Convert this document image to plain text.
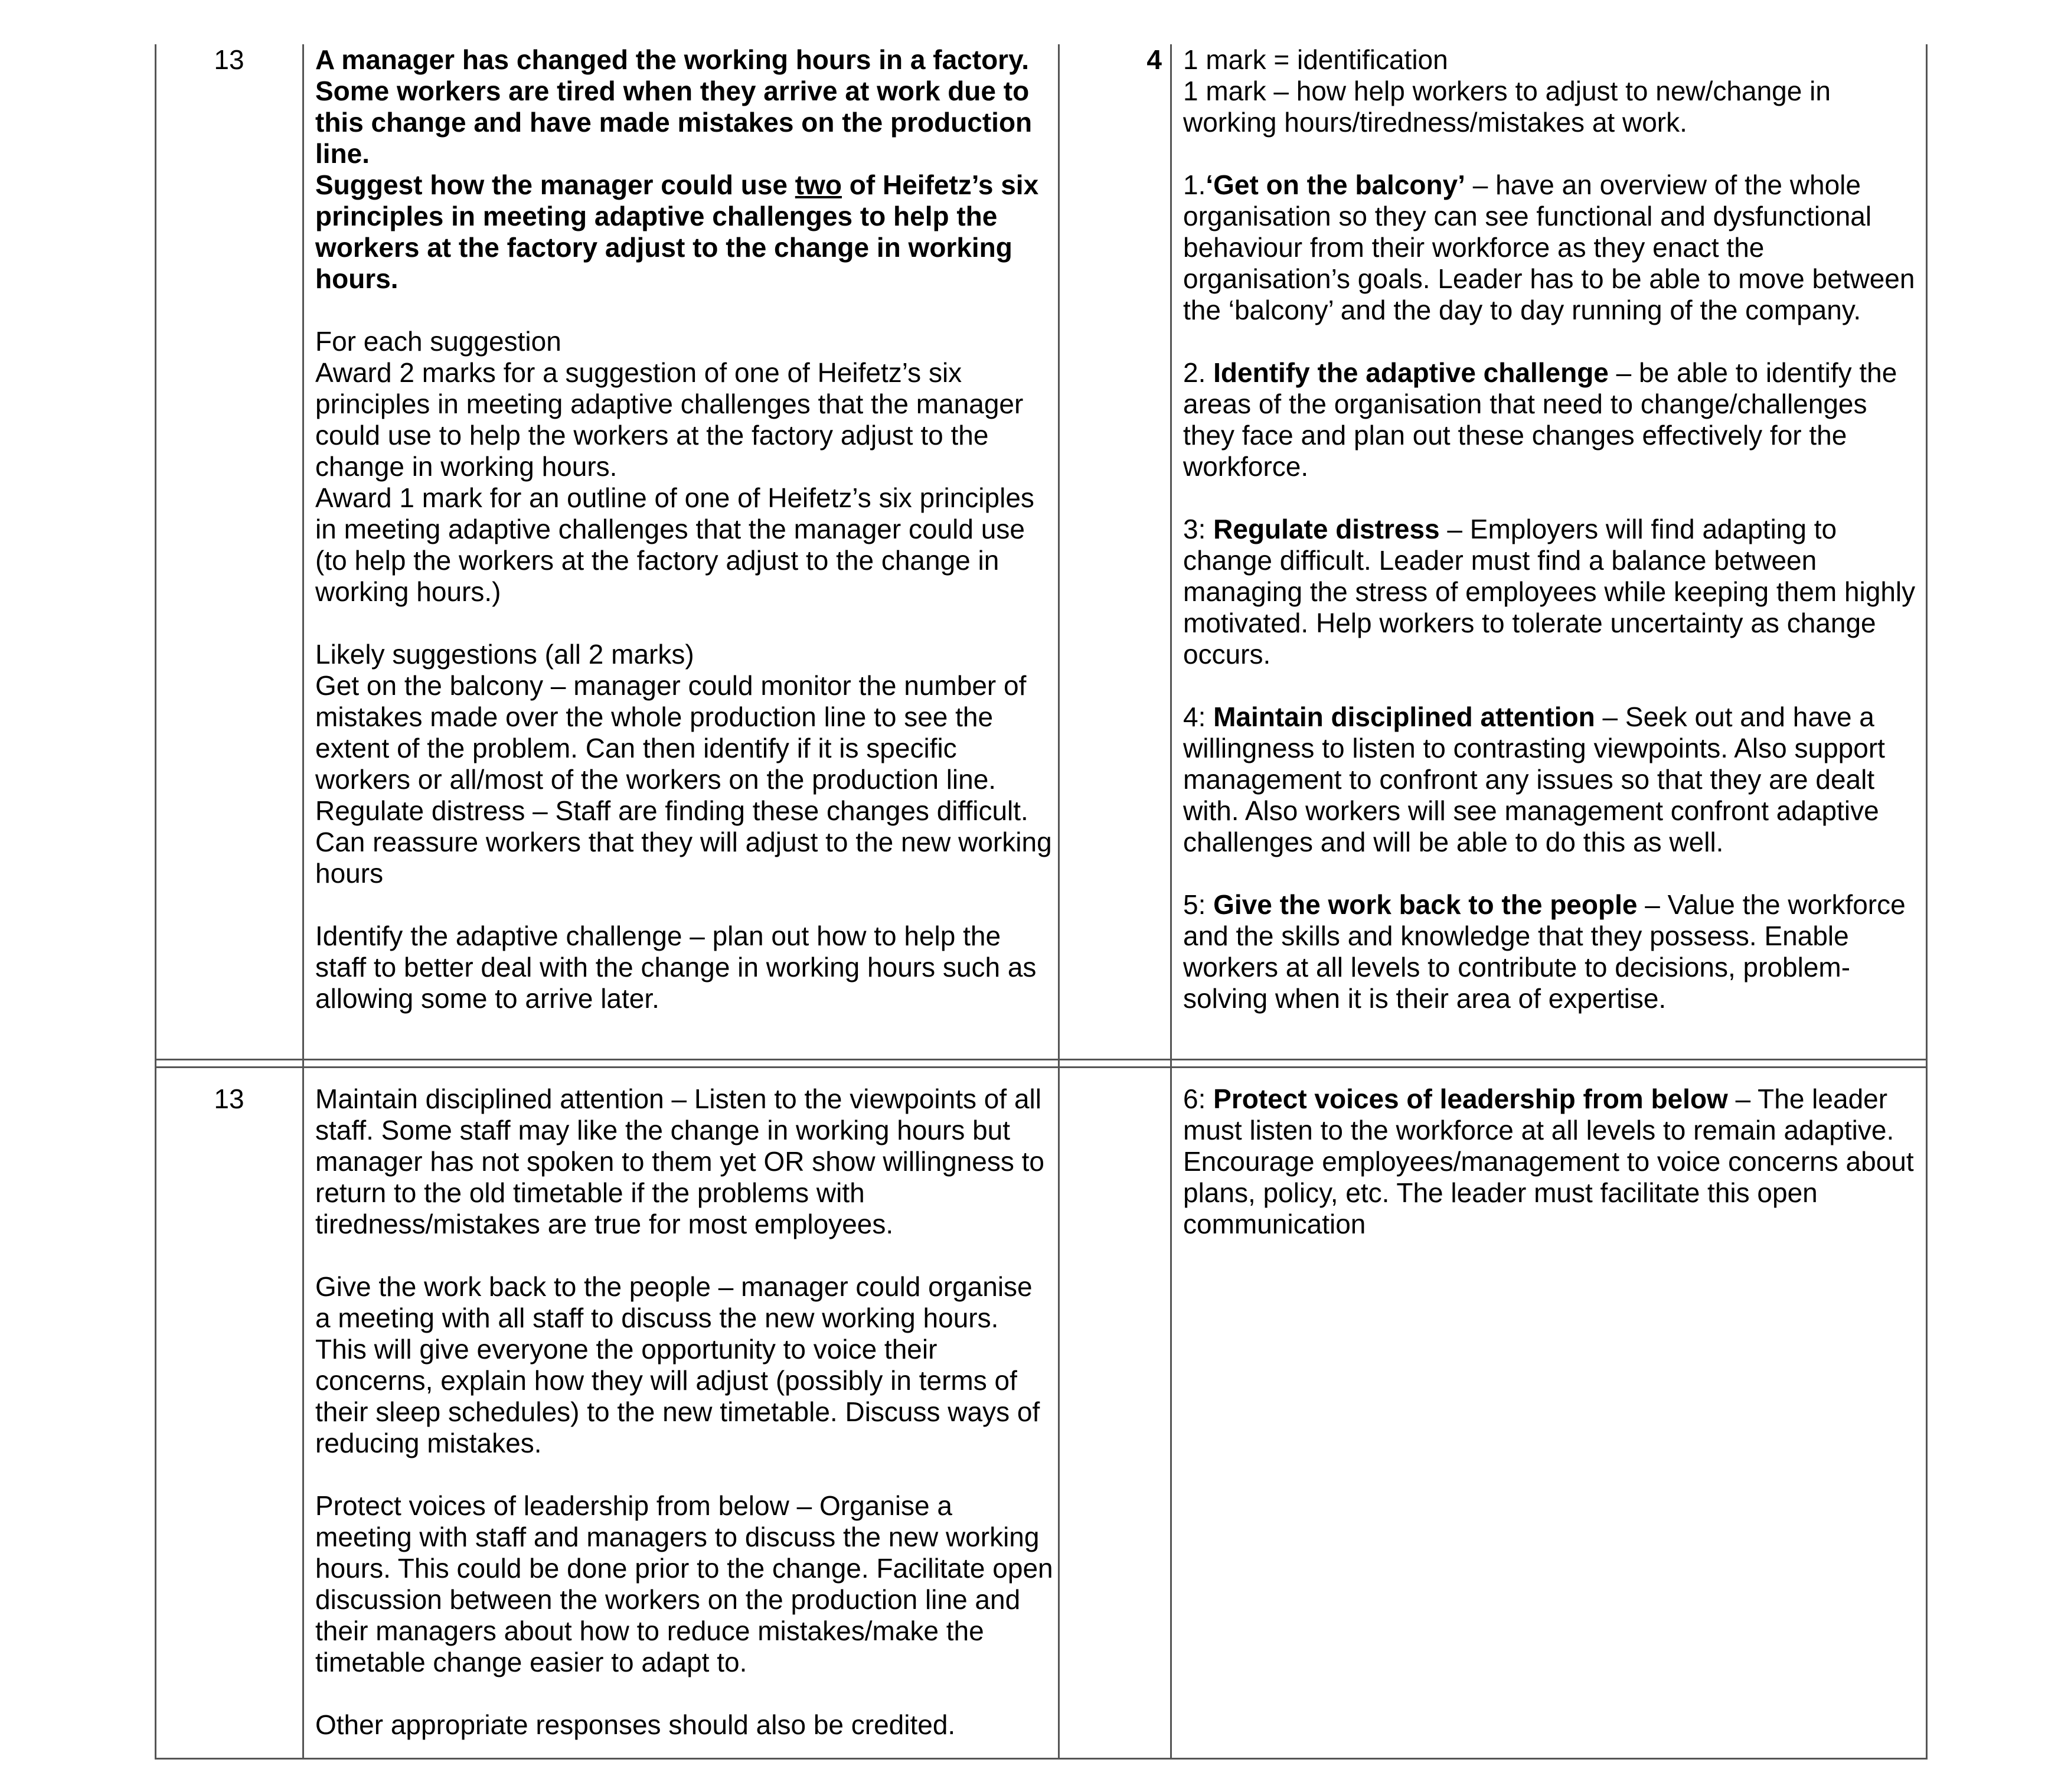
13	A manager has changed the working hours in a factory. Some workers are tired when they arrive at work due to this change and have made mistakes on the production line.

Suggest how the manager could use two of Heifetz’s six principles in meeting adaptive challenges to help the workers at the factory adjust to the change in working hours.

For each suggestion

Award 2 marks for a suggestion of one of Heifetz’s six principles in meeting adaptive challenges that the manager could use to help the workers at the factory adjust to the change in working hours.

Award 1 mark for an outline of one of Heifetz’s six principles in meeting adaptive challenges that the manager could use (to help the workers at the factory adjust to the change in working hours.)

Likely suggestions (all 2 marks)

Get on the balcony – manager could monitor the number of mistakes made over the whole production line to see the extent of the problem. Can then identify if it is specific workers or all/most of the workers on the production line.

Regulate distress – Staff are finding these changes difficult. Can reassure workers that they will adjust to the new working hours

Identify the adaptive challenge – plan out how to help the staff to better deal with the change in working hours such as allowing some to arrive later.

4 1 mark = identification

1 mark – how help workers to adjust to new/change in working hours/tiredness/mistakes at work.

1.‘Get on the balcony’ – have an overview of the whole organisation so they can see functional and dysfunctional behaviour from their workforce as they enact the organisation’s goals. Leader has to be able to move between the ‘balcony’ and the day to day running of the company.

2. Identify the adaptive challenge – be able to identify the areas of the organisation that need to change/challenges they face and plan out these changes effectively for the workforce.

3: Regulate distress – Employers will find adapting to change difficult. Leader must find a balance between managing the stress of employees while keeping them highly motivated. Help workers to tolerate uncertainty as change occurs.

4: Maintain disciplined attention – Seek out and have a willingness to listen to contrasting viewpoints. Also support management to confront any issues so that they are dealt with. Also workers will see management confront adaptive challenges and will be able to do this as well.

5: Give the work back to the people – Value the workforce and the skills and knowledge that they possess. Enable workers at all levels to contribute to decisions, problem-solving when it is their area of expertise.

13	Maintain disciplined attention – Listen to the viewpoints of all staff. Some staff may like the change in working hours but manager has not spoken to them yet OR show willingness to return to the old timetable if the problems with tiredness/mistakes are true for most employees.

Give the work back to the people – manager could organise a meeting with all staff to discuss the new working hours. This will give everyone the opportunity to voice their concerns, explain how they will adjust (possibly in terms of their sleep schedules) to the new timetable. Discuss ways of reducing mistakes.

Protect voices of leadership from below – Organise a meeting with staff and managers to discuss the new working hours. This could be done prior to the change. Facilitate open discussion between the workers on the production line and their managers about how to reduce mistakes/make the timetable change easier to adapt to.

Other appropriate responses should also be credited.

6: Protect voices of leadership from below – The leader must listen to the workforce at all levels to remain adaptive. Encourage employees/management to voice concerns about plans, policy, etc. The leader must facilitate this open communication
